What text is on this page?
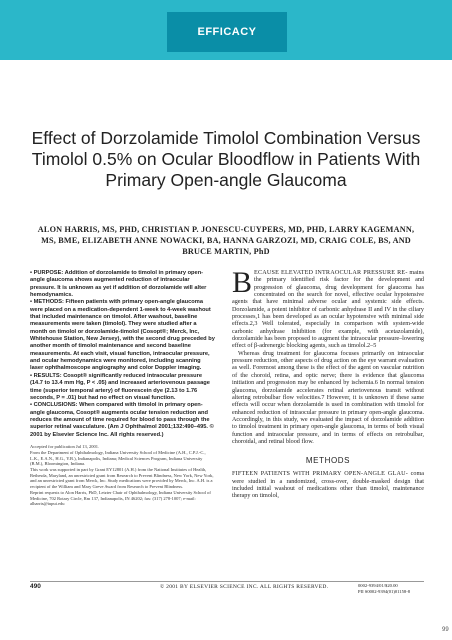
EFFICACY
Effect of Dorzolamide Timolol Combination Versus Timolol 0.5% on Ocular Bloodflow in Patients With Primary Open-angle Glaucoma

ALON HARRIS, MS, PHD, CHRISTIAN P. JONESCU-CUYPERS, MD, PHD, LARRY KAGEMANN, MS, BME, ELIZABETH ANNE NOWACKI, BA, HANNA GARZOZI, MD, CRAIG COLE, BS, AND BRUCE MARTIN, PhD

• PURPOSE: Addition of dorzolamide to timolol in primary open-angle glaucoma shows augmented reduction of intraocular pressure. It is unknown as yet if addition of dorzolamide will alter hemodynamics.

• METHODS: Fifteen patients with primary open-angle glaucoma were placed on a medication-dependent 1-week to 4-week washout that included maintenance on timolol. After washout, baseline measurements were taken (timolol). They were studied after a month on timolol or dorzolamide-timolol (Cosopt®; Merck, Inc, Whitehouse Station, New Jersey), with the second drug preceded by another month of timolol maintenance and second baseline measurements. At each visit, visual function, intraocular pressure, and ocular hemodynamics were monitored, including scanning laser ophthalmoscope angiography and color Doppler imaging.

• RESULTS: Cosopt® significantly reduced intraocular pressure (14.7 to 13.4 mm Hg, P < .05) and increased arteriovenous passage time (superior temporal artery) of fluorescein dye (2.13 to 1.76 seconds, P = .01) but had no effect on visual function.

• CONCLUSIONS: When compared with timolol in primary open-angle glaucoma, Cosopt® augments ocular tension reduction and reduces the amount of time required for blood to pass through the superior retinal vasculature. (Am J Ophthalmol 2001;132:490–495. © 2001 by Elsevier Science Inc. All rights reserved.)

Accepted for publication Jul 13, 2001.

From the Department of Ophthalmology, Indiana University School of Medicine (A.H., C.P.J.-C., L.K., E.A.N., H.G., Y.B.), Indianapolis, Indiana; Medical Sciences Program, Indiana University (B.M.), Bloomington, Indiana.

This work was supported in part by Grant EY12801 (A.H.) from the National Institutes of Health, Bethesda, Maryland, an unrestricted grant from Research to Prevent Blindness, New York, New York, and an unrestricted grant from Merck, Inc. Study medications were provided by Merck, Inc. A.H. is a recipient of the William and Mary Greve Award from Research to Prevent Blindness.

Reprint requests to Alon Harris, PhD, Letzter Chair of Ophthalmology, Indiana University School of Medicine, 702 Rotary Circle, Rm 137, Indianapolis, IN 46202; fax: (317) 278-1007; e-mail: alharris@iupui.edu

BECAUSE ELEVATED INTRAOCULAR PRESSURE RE- mains the primary identified risk factor for the development and progression of glaucoma, drug development for glaucoma has concentrated on the search for novel, effective ocular hypotensive agents that have minimal adverse ocular and systemic side effects. Dorzolamide, a potent inhibitor of carbonic anhydrase II and IV in the ciliary processes,1 has been developed as an ocular hypotensive with minimal side effects.2,3 Well tolerated, especially in comparison with system-wide carbonic anhydrase inhibition (for example, with acetazolamide), dorzolamide has been proposed to augment the intraocular pressure–lowering effect of β-adrenergic blocking agents, such as timolol.2–5

Whereas drug treatment for glaucoma focuses primarily on intraocular pressure reduction, other aspects of drug action on the eye warrant evaluation as well. Foremost among these is the effect of the agent on vascular nutrition of the choroid, retina, and optic nerve; there is evidence that glaucoma initiation and progression may be enhanced by ischemia.6 In normal tension glaucoma, dorzolamide accelerates retinal arteriovenous transit without altering retrobulbar flow velocities.7 However, it is unknown if these same effects will occur when dorzolamide is used in combination with timolol for enhanced reduction of intraocular pressure in primary open-angle glaucoma. Accordingly, in this study, we evaluated the impact of dorzolamide addition to timolol treatment in primary open-angle glaucoma, in terms of both visual function and intraocular pressure, and in terms of effects on retrobulbar, choroidal, and retinal blood flow.

METHODS

FIFTEEN PATIENTS WITH PRIMARY OPEN-ANGLE GLAU- coma were studied in a randomized, cross-over, double-masked design that included initial washout of medications other than timolol, maintenance therapy on timolol,

490	© 2001 BY ELSEVIER SCIENCE INC. ALL RIGHTS RESERVED.	0002-9394/01/$20.00
PII S0002-9394(01)01158-8
99
